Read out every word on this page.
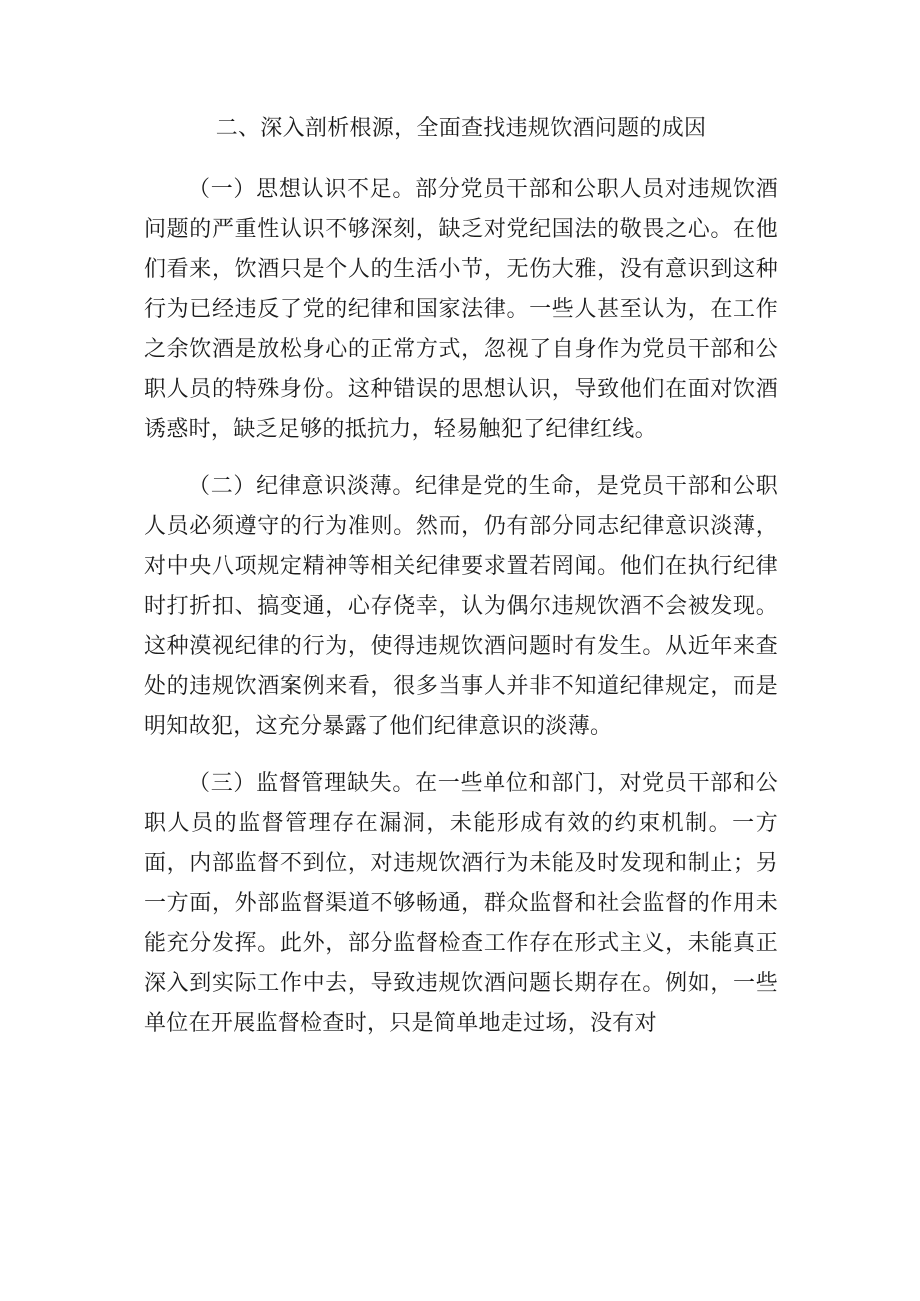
二、深入剖析根源，全面查找违规饮酒问题的成因

（一）思想认识不足。部分党员干部和公职人员对违规饮酒问题的严重性认识不够深刻，缺乏对党纪国法的敬畏之心。在他们看来，饮酒只是个人的生活小节，无伤大雅，没有意识到这种行为已经违反了党的纪律和国家法律。一些人甚至认为，在工作之余饮酒是放松身心的正常方式，忽视了自身作为党员干部和公职人员的特殊身份。这种错误的思想认识，导致他们在面对饮酒诱惑时，缺乏足够的抵抗力，轻易触犯了纪律红线。

（二）纪律意识淡薄。纪律是党的生命，是党员干部和公职人员必须遵守的行为准则。然而，仍有部分同志纪律意识淡薄，对中央八项规定精神等相关纪律要求置若罔闻。他们在执行纪律时打折扣、搞变通，心存侥幸，认为偶尔违规饮酒不会被发现。这种漠视纪律的行为，使得违规饮酒问题时有发生。从近年来查处的违规饮酒案例来看，很多当事人并非不知道纪律规定，而是明知故犯，这充分暴露了他们纪律意识的淡薄。

（三）监督管理缺失。在一些单位和部门，对党员干部和公职人员的监督管理存在漏洞，未能形成有效的约束机制。一方面，内部监督不到位，对违规饮酒行为未能及时发现和制止；另一方面，外部监督渠道不够畅通，群众监督和社会监督的作用未能充分发挥。此外，部分监督检查工作存在形式主义，未能真正深入到实际工作中去，导致违规饮酒问题长期存在。例如，一些单位在开展监督检查时，只是简单地走过场，没有对
